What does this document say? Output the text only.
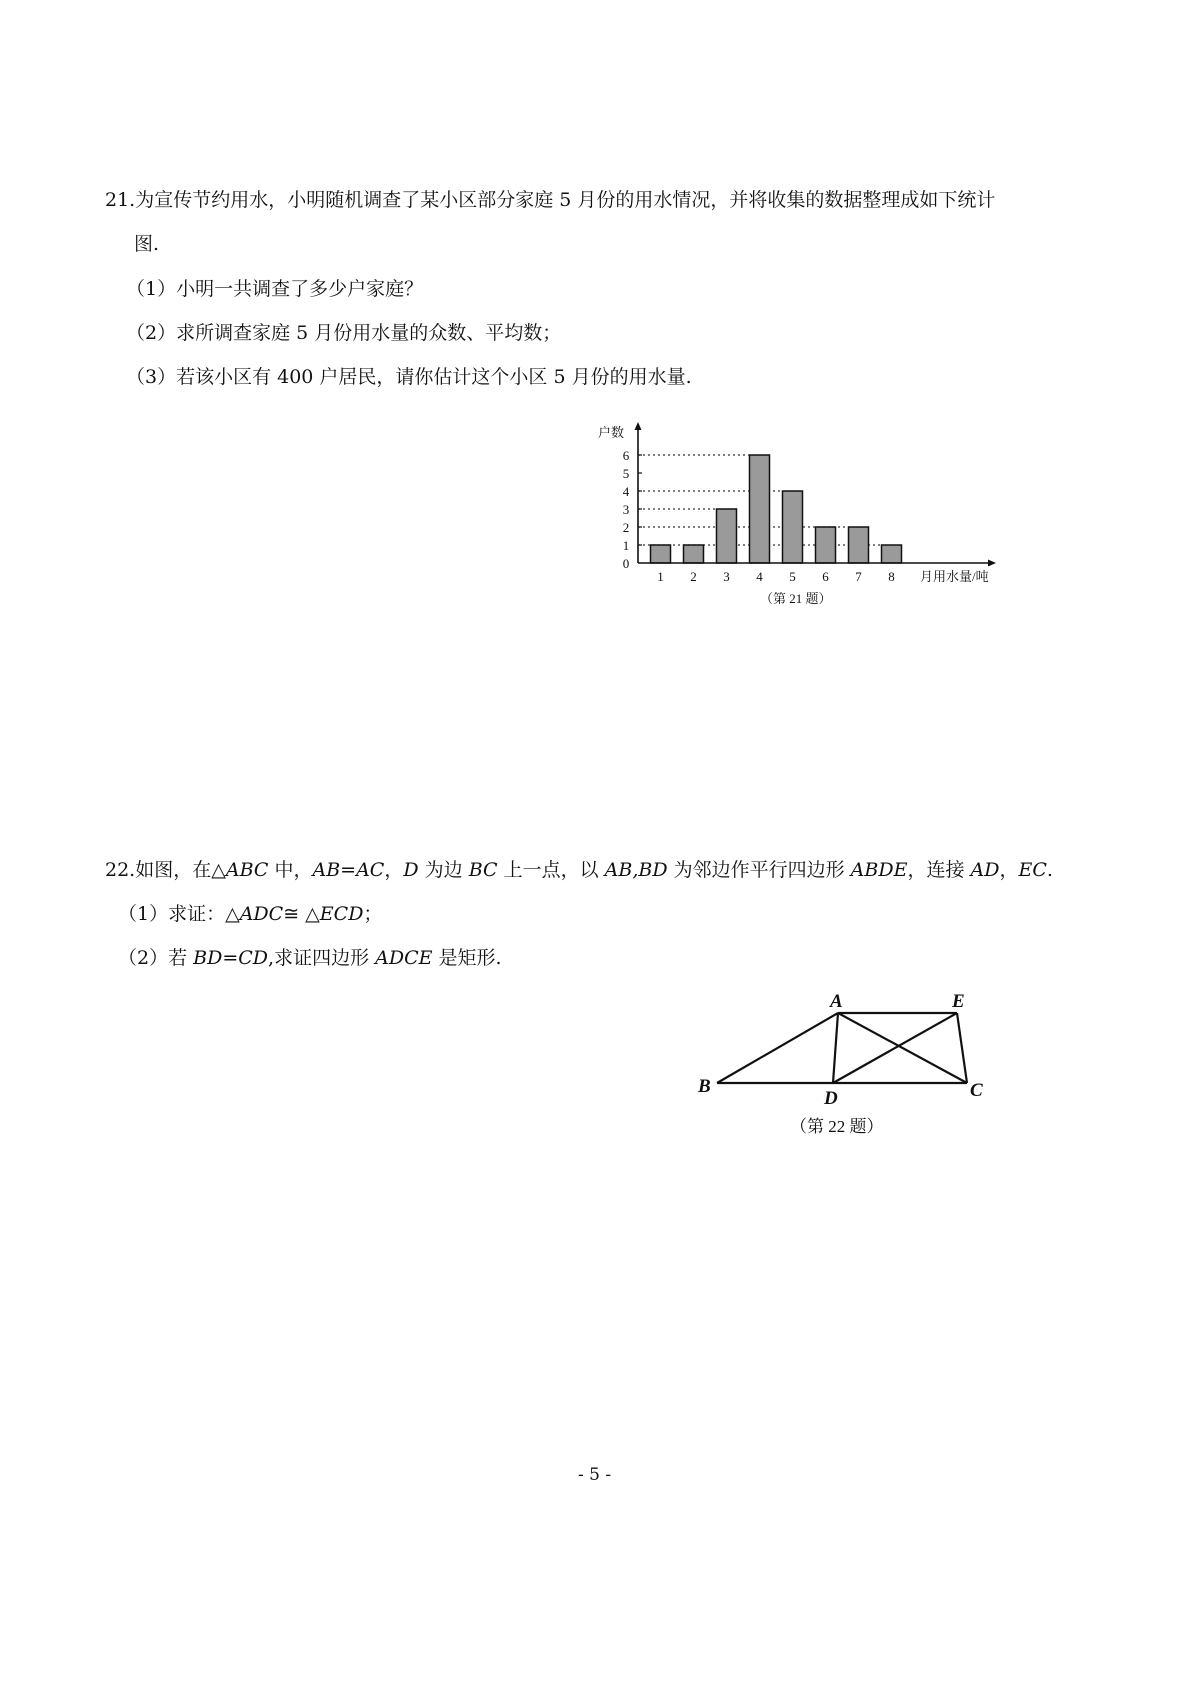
21.为宣传节约用水，小明随机调查了某小区部分家庭 5 月份的用水情况，并将收集的数据整理成如下统计
图.
（1）小明一共调查了多少户家庭？
（2）求所调查家庭 5 月份用水量的众数、平均数；
（3）若该小区有 400 户居民，请你估计这个小区 5 月份的用水量.
0
1
2
3
4
5
6
1 2 3 4 5 6 7 8
户数
月用水量/吨
（第 21 题）
22.如图，在△ABC 中，AB=AC，D 为边 BC 上一点，以 AB,BD 为邻边作平行四边形 ABDE，连接 AD，EC.
（1）求证：△ADC≅ △ECD；
（2）若 BD=CD,求证四边形 ADCE 是矩形.
A	E
B
D	C
（第 22 题）
- 5 -
